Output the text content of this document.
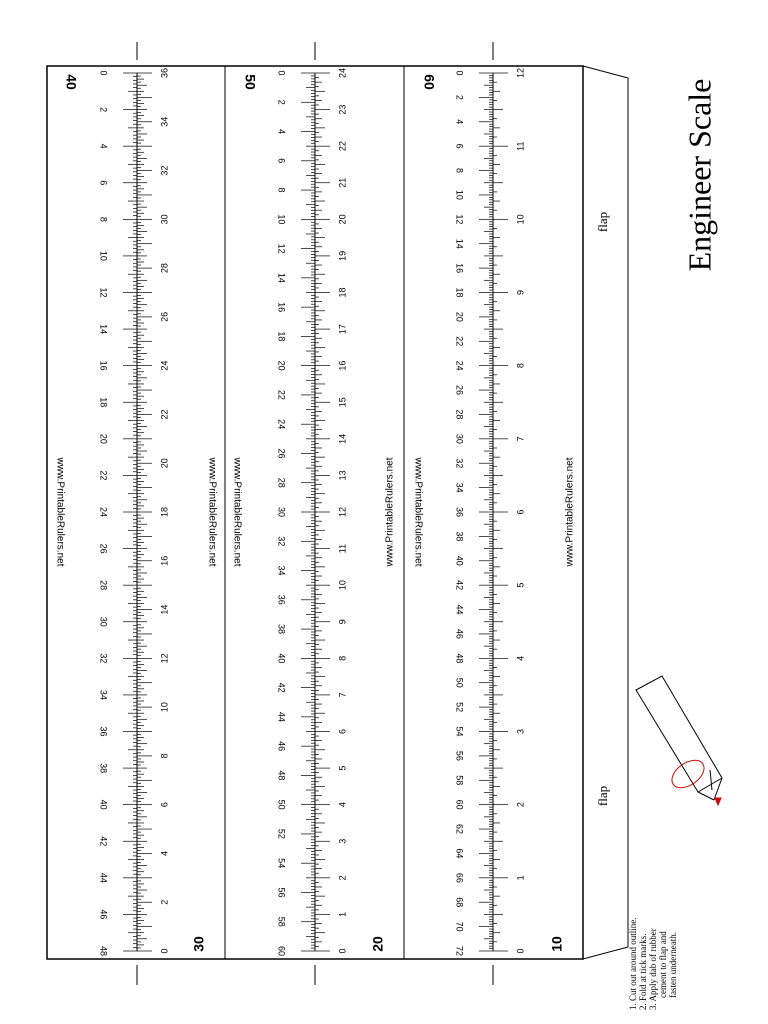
0
2
4
6
8
10
12
14
16
18
20
22
24
26
28
30
32
34
36
38
40
42
44
46
48	0
2
4
6
8
10
12
14
16
18
20
22
24
26
28
30
32
34
36	0
2
4
6
8
10
12
14
16
18
20
22
24
26
28
30
32
34
36
38
40
42
44
46
48
50
52
54
56
58
60	0
1
2
3
4
5
6
7
8
9
10
11
12
13
14
15
16
17
18
19
20
21
22
23
24	0
2
4
6
8
10
12
14
16
18
20
22
24
26
28
30
32
34
36
38
40
42
44
46
48
50
52
54
56
58
60
62
64
66
68
70
72	0
1
2
3
4
5
6
7
8
9
10
11
12
40
30
50
20
60
10
www.PrintableRulers.net	www.PrintableRulers.net www.PrintableRulers.net	www.PrintableRulers.net www.PrintableRulers.net	www.PrintableRulers.net
flap
flap
Engineer Scale
1. Cut out around outline. 2. Fold at tick marks. 3. Apply dab of rubber cement to flap and fasten underneath.
